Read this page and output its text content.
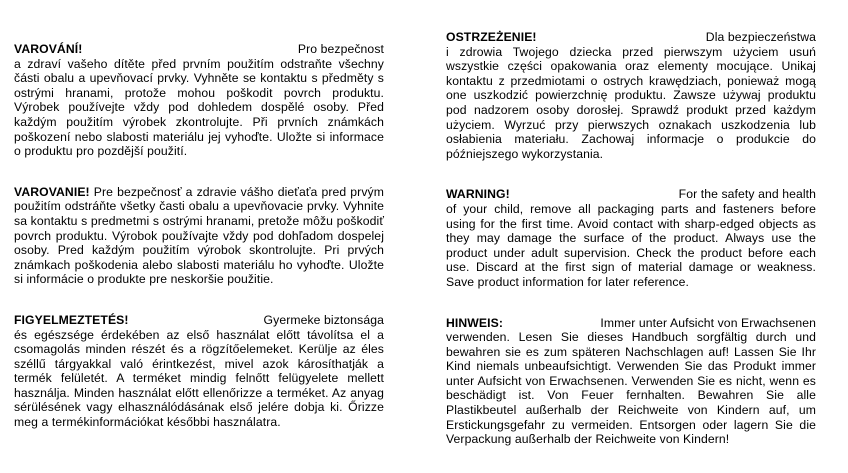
VAROVÁNÍ!	Pro bezpečnost

a zdraví vašeho dítěte před prvním použitím odstraňte všechny části obalu a upevňovací prvky. Vyhněte se kontaktu s předměty s ostrými hranami, protože mohou poškodit povrch produktu. Výrobek používejte vždy pod dohledem dospělé osoby. Před každým použitím výrobek zkontrolujte. Při prvních známkách poškození nebo slabosti materiálu jej vyhoďte. Uložte si informace o produktu pro pozdější použití.

VAROVANIE! Pre bezpečnosť a zdravie vášho dieťaťa pred prvým použitím odstráňte všetky časti obalu a upevňovacie prvky. Vyhnite sa kontaktu s predmetmi s ostrými hranami, pretože môžu poškodiť povrch produktu. Výrobok používajte vždy pod dohľadom dospelej osoby. Pred každým použitím výrobok skontrolujte. Pri prvých známkach poškodenia alebo slabosti materiálu ho vyhoďte. Uložte si informácie o produkte pre neskoršie použitie.

FIGYELMEZTETÉS!	Gyermeke biztonsága

és egészsége érdekében az első használat előtt távolítsa el a csomagolás minden részét és a rögzítőelemeket. Kerülje az éles széllű tárgyakkal való érintkezést, mivel azok károsíthatják a termék felületét. A terméket mindig felnőtt felügyelete mellett használja. Minden használat előtt ellenőrizze a terméket. Az anyag sérülésének vagy elhasználódásának első jelére dobja ki. Őrizze meg a termékinformációkat későbbi használatra.

OSTRZEŻENIE!	Dla bezpieczeństwa

i zdrowia Twojego dziecka przed pierwszym użyciem usuń wszystkie części opakowania oraz elementy mocujące. Unikaj kontaktu z przedmiotami o ostrych krawędziach, ponieważ mogą one uszkodzić powierzchnię produktu. Zawsze używaj produktu pod nadzorem osoby dorosłej. Sprawdź produkt przed każdym użyciem. Wyrzuć przy pierwszych oznakach uszkodzenia lub osłabienia materiału. Zachowaj informacje o produkcie do późniejszego wykorzystania.

WARNING!	For the safety and health

of your child, remove all packaging parts and fasteners before using for the first time. Avoid contact with sharp-edged objects as they may damage the surface of the product. Always use the product under adult supervision. Check the product before each use. Discard at the first sign of material damage or weakness. Save product information for later reference.

HINWEIS:	Immer unter Aufsicht von Erwachsenen

verwenden. Lesen Sie dieses Handbuch sorgfältig durch und bewahren sie es zum späteren Nachschlagen auf! Lassen Sie Ihr Kind niemals unbeaufsichtigt. Verwenden Sie das Produkt immer unter Aufsicht von Erwachsenen. Verwenden Sie es nicht, wenn es beschädigt ist. Von Feuer fernhalten. Bewahren Sie alle Plastikbeutel außerhalb der Reichweite von Kindern auf, um Erstickungsgefahr zu vermeiden. Entsorgen oder lagern Sie die Verpackung außerhalb der Reichweite von Kindern!
